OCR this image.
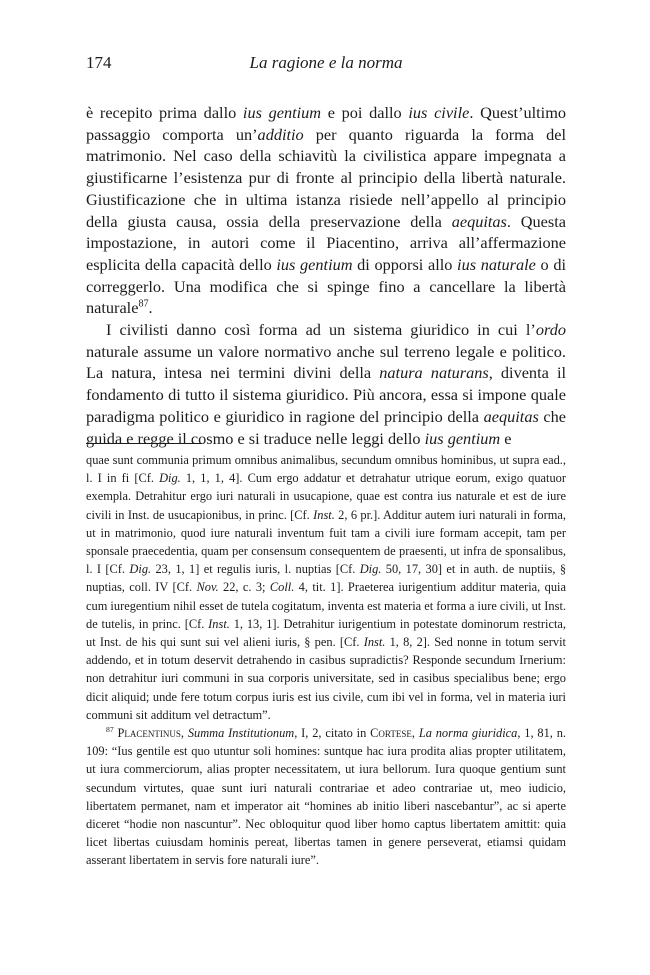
174	La ragione e la norma

è recepito prima dallo ius gentium e poi dallo ius civile. Quest’ultimo passaggio comporta un’additio per quanto riguarda la forma del matrimonio. Nel caso della schiavitù la civilistica appare impegnata a giustificarne l’esistenza pur di fronte al principio della libertà naturale. Giustificazione che in ultima istanza risiede nell’appello al principio della giusta causa, ossia della preservazione della aequitas. Questa impostazione, in autori come il Piacentino, arriva all’affermazione esplicita della capacità dello ius gentium di opporsi allo ius naturale o di correggerlo. Una modifica che si spinge fino a cancellare la libertà naturale$^{87}$.

I civilisti danno così forma ad un sistema giuridico in cui l’ordo naturale assume un valore normativo anche sul terreno legale e politico. La natura, intesa nei termini divini della natura naturans, diventa il fondamento di tutto il sistema giuridico. Più ancora, essa si impone quale paradigma politico e giuridico in ragione del principio della aequitas che guida e regge il cosmo e si traduce nelle leggi dello ius gentium e

quae sunt communia primum omnibus animalibus, secundum omnibus hominibus, ut supra ead., l. I in fi [Cf. Dig. 1, 1, 1, 4]. Cum ergo addatur et detrahatur utrique eorum, exigo quatuor exempla. Detrahitur ergo iuri naturali in usucapione, quae est contra ius naturale et est de iure civili in Inst. de usucapionibus, in princ. [Cf. Inst. 2, 6 pr.]. Additur autem iuri naturali in forma, ut in matrimonio, quod iure naturali inventum fuit tam a civili iure formam accepit, tam per sponsale praecedentia, quam per consensum consequentem de praesenti, ut infra de sponsalibus, l. I [Cf. Dig. 23, 1, 1] et regulis iuris, l. nuptias [Cf. Dig. 50, 17, 30] et in auth. de nuptiis, § nuptias, coll. IV [Cf. Nov. 22, c. 3; Coll. 4, tit. 1]. Praeterea iurigentium additur materia, quia cum iuregentium nihil esset de tutela cogitatum, inventa est materia et forma a iure civili, ut Inst. de tutelis, in princ. [Cf. Inst. 1, 13, 1]. Detrahitur iurigentium in potestate dominorum restricta, ut Inst. de his qui sunt sui vel alieni iuris, § pen. [Cf. Inst. 1, 8, 2]. Sed nonne in totum servit addendo, et in totum deservit detrahendo in casibus supradictis? Responde secundum Irnerium: non detrahitur iuri communi in sua corporis universitate, sed in casibus specialibus bene; ergo dicit aliquid; unde fere totum corpus iuris est ius civile, cum ibi vel in forma, vel in materia iuri communi sit additum vel detractum”.

$^{87}$ Placentinus, Summa Institutionum, I, 2, citato in Cortese, La norma giuridica, 1, 81, n. 109: “Ius gentile est quo utuntur soli homines: suntque hac iura prodita alias propter utilitatem, ut iura commerciorum, alias propter necessitatem, ut iura bellorum. Iura quoque gentium sunt secundum virtutes, quae sunt iuri naturali contrariae et adeo contrariae ut, meo iudicio, libertatem permanet, nam et imperator ait “homines ab initio liberi nascebantur”, ac si aperte diceret “hodie non nascuntur”. Nec obloquitur quod liber homo captus libertatem amittit: quia licet libertas cuiusdam hominis pereat, libertas tamen in genere perseverat, etiamsi quidam asserant libertatem in servis fore naturali iure”.
